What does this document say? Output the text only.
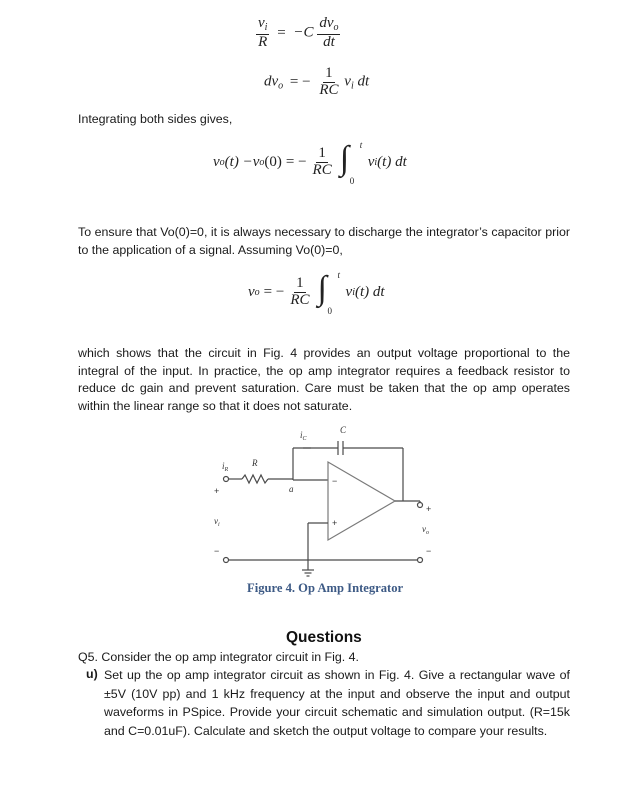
$\frac{v_i}{R} = -C \frac{dv_o}{dt}$
$dv_o$ = − $\frac{1}{RC} v_i$ dt
Integrating both sides gives,
v o (t) − v o (0) = − $\frac{1}{RC}$ ∫ t
0
v i (t) dt
To ensure that Vo(0)=0, it is always necessary to discharge the integrator’s capacitor prior to the application of a signal. Assuming Vo(0)=0,
v o = − $\frac{1}{RC}$ ∫ t
0
v i (t) dt
which shows that the circuit in Fig. 4 provides an output voltage proportional to the integral of the input. In practice, the op amp integrator requires a feedback resistor to reduce dc gain and prevent saturation. Care must be taken that the op amp operates within the linear range so that it does not saturate.
$i_C$
C
$i_R$
R
a
$v_i$	$v_o$
+
−
+
−
−
+
Figure 4. Op Amp Integrator
Questions
Q5. Consider the op amp integrator circuit in Fig. 4.
u) Set up the op amp integrator circuit as shown in Fig. 4. Give a rectangular wave of ±5V (10V pp) and 1 kHz frequency at the input and observe the input and output waveforms in PSpice. Provide your circuit schematic and simulation output. (R=15k and C=0.01uF). Calculate and sketch the output voltage to compare your results.
